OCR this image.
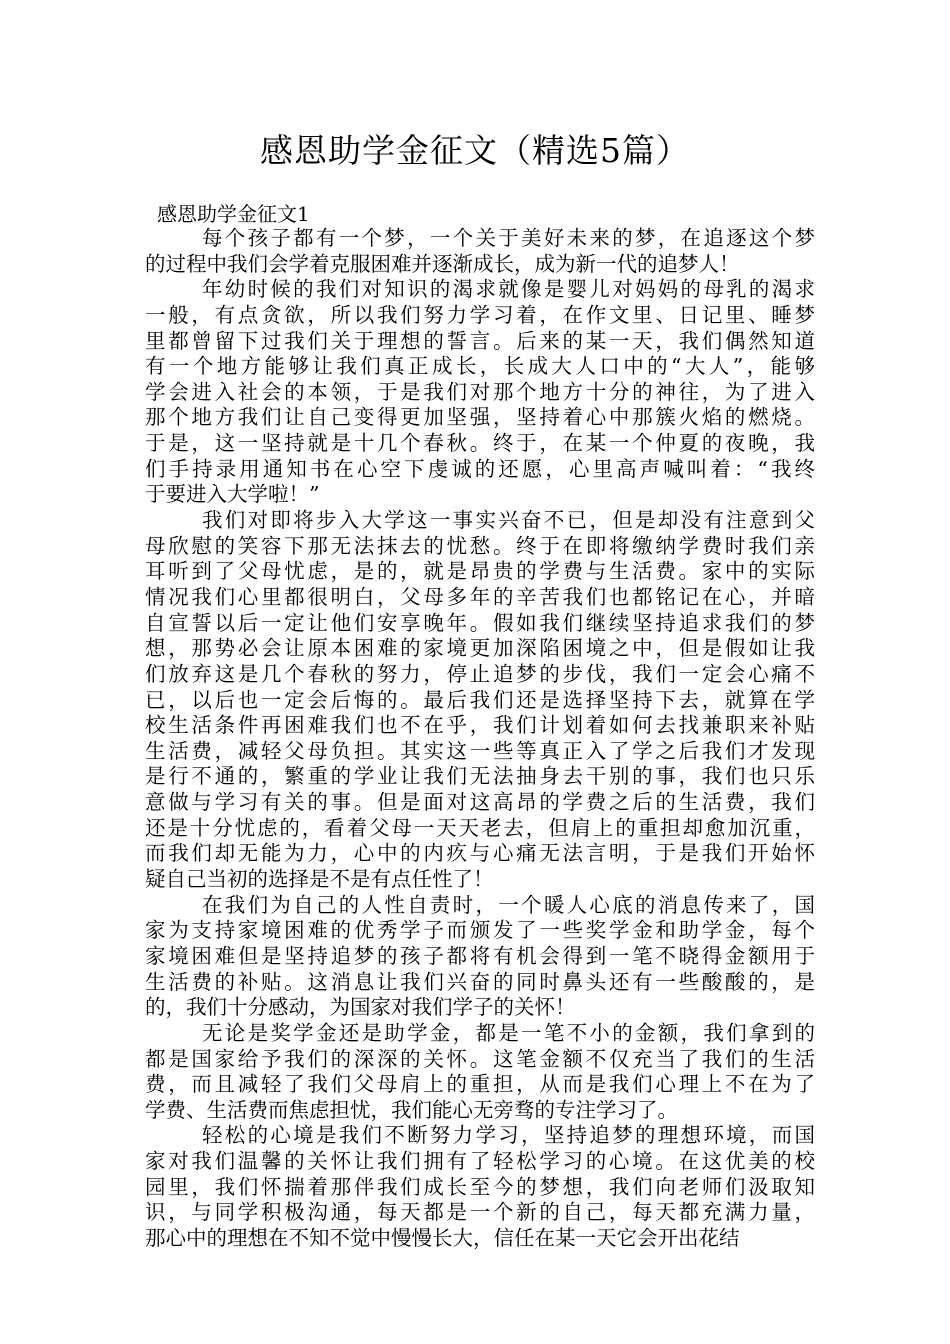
感恩助学金征文（精选5篇）
感恩助学金征文1
每个孩子都有一个梦，一个关于美好未来的梦，在追逐这个梦
的过程中我们会学着克服困难并逐渐成长，成为新一代的追梦人！
年幼时候的我们对知识的渴求就像是婴儿对妈妈的母乳的渴求
一般，有点贪欲，所以我们努力学习着，在作文里、日记里、睡梦
里都曾留下过我们关于理想的誓言。后来的某一天，我们偶然知道
有一个地方能够让我们真正成长，长成大人口中的“大人”，能够
学会进入社会的本领，于是我们对那个地方十分的神往，为了进入
那个地方我们让自己变得更加坚强，坚持着心中那簇火焰的燃烧。
于是，这一坚持就是十几个春秋。终于，在某一个仲夏的夜晚，我
们手持录用通知书在心空下虔诚的还愿，心里高声喊叫着：“我终
于要进入大学啦！”
我们对即将步入大学这一事实兴奋不已，但是却没有注意到父
母欣慰的笑容下那无法抹去的忧愁。终于在即将缴纳学费时我们亲
耳听到了父母忧虑，是的，就是昂贵的学费与生活费。家中的实际
情况我们心里都很明白，父母多年的辛苦我们也都铭记在心，并暗
自宣誓以后一定让他们安享晚年。假如我们继续坚持追求我们的梦
想，那势必会让原本困难的家境更加深陷困境之中，但是假如让我
们放弃这是几个春秋的努力，停止追梦的步伐，我们一定会心痛不
已，以后也一定会后悔的。最后我们还是选择坚持下去，就算在学
校生活条件再困难我们也不在乎，我们计划着如何去找兼职来补贴
生活费，减轻父母负担。其实这一些等真正入了学之后我们才发现
是行不通的，繁重的学业让我们无法抽身去干别的事，我们也只乐
意做与学习有关的事。但是面对这高昂的学费之后的生活费，我们
还是十分忧虑的，看着父母一天天老去，但肩上的重担却愈加沉重，
而我们却无能为力，心中的内疚与心痛无法言明，于是我们开始怀
疑自己当初的选择是不是有点任性了！
在我们为自己的人性自责时，一个暖人心底的消息传来了，国
家为支持家境困难的优秀学子而颁发了一些奖学金和助学金，每个
家境困难但是坚持追梦的孩子都将有机会得到一笔不晓得金额用于
生活费的补贴。这消息让我们兴奋的同时鼻头还有一些酸酸的，是
的，我们十分感动，为国家对我们学子的关怀！
无论是奖学金还是助学金，都是一笔不小的金额，我们拿到的
都是国家给予我们的深深的关怀。这笔金额不仅充当了我们的生活
费，而且减轻了我们父母肩上的重担，从而是我们心理上不在为了
学费、生活费而焦虑担忧，我们能心无旁骛的专注学习了。
轻松的心境是我们不断努力学习，坚持追梦的理想环境，而国
家对我们温馨的关怀让我们拥有了轻松学习的心境。在这优美的校
园里，我们怀揣着那伴我们成长至今的梦想，我们向老师们汲取知
识，与同学积极沟通，每天都是一个新的自己，每天都充满力量，
那心中的理想在不知不觉中慢慢长大，信任在某一天它会开出花结
